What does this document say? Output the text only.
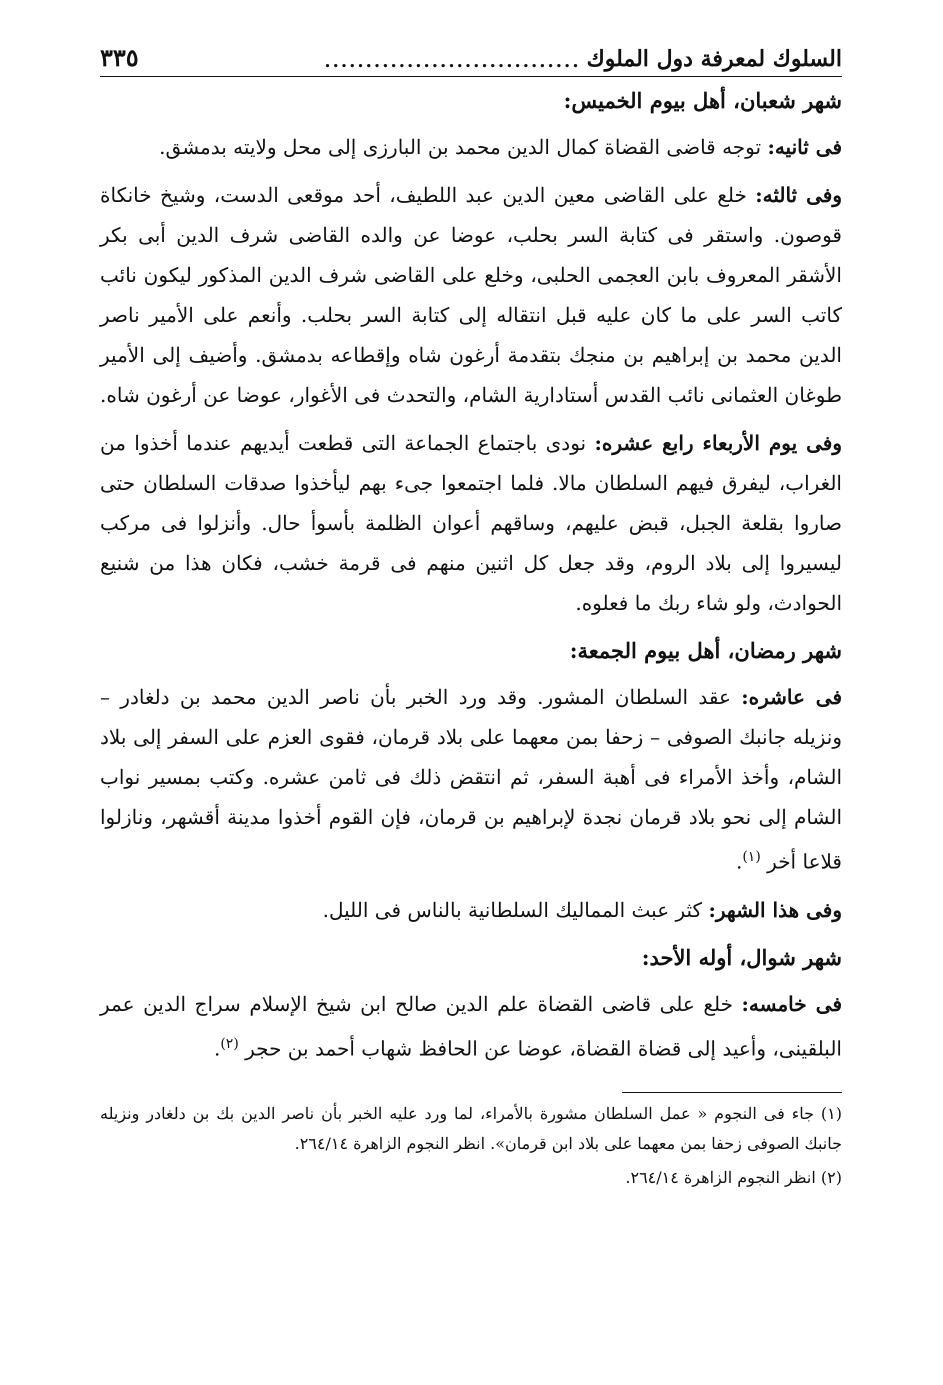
السلوك لمعرفة دول الملوك
...............................
٣٣٥
شهر شعبان، أهل بيوم الخميس:

فى ثانيه: توجه قاضى القضاة كمال الدين محمد بن البارزى إلى محل ولايته بدمشق.

وفى ثالثه: خلع على القاضى معين الدين عبد اللطيف، أحد موقعى الدست، وشيخ خانكاة قوصون. واستقر فى كتابة السر بحلب، عوضا عن والده القاضى شرف الدين أبى بكر الأشقر المعروف بابن العجمى الحلبى، وخلع على القاضى شرف الدين المذكور ليكون نائب كاتب السر على ما كان عليه قبل انتقاله إلى كتابة السر بحلب. وأنعم على الأمير ناصر الدين محمد بن إبراهيم بن منجك بتقدمة أرغون شاه وإقطاعه بدمشق. وأضيف إلى الأمير طوغان العثمانى نائب القدس أستادارية الشام، والتحدث فى الأغوار، عوضا عن أرغون شاه.

وفى يوم الأربعاء رابع عشره: نودى باجتماع الجماعة التى قطعت أيديهم عندما أخذوا من الغراب، ليفرق فيهم السلطان مالا. فلما اجتمعوا جىء بهم ليأخذوا صدقات السلطان حتى صاروا بقلعة الجبل، قبض عليهم، وساقهم أعوان الظلمة بأسوأ حال. وأنزلوا فى مركب ليسيروا إلى بلاد الروم، وقد جعل كل اثنين منهم فى قرمة خشب، فكان هذا من شنيع الحوادث، ولو شاء ربك ما فعلوه.

شهر رمضان، أهل بيوم الجمعة:

فى عاشره: عقد السلطان المشور. وقد ورد الخبر بأن ناصر الدين محمد بن دلغادر – ونزيله جانبك الصوفى – زحفا بمن معهما على بلاد قرمان، فقوى العزم على السفر إلى بلاد الشام، وأخذ الأمراء فى أهبة السفر، ثم انتقض ذلك فى ثامن عشره. وكتب بمسير نواب الشام إلى نحو بلاد قرمان نجدة لإبراهيم بن قرمان، فإن القوم أخذوا مدينة أقشهر، ونازلوا قلاعا أخر $^{(١)}$.

وفى هذا الشهر: كثر عبث المماليك السلطانية بالناس فى الليل.

شهر شوال، أوله الأحد:

فى خامسه: خلع على قاضى القضاة علم الدين صالح ابن شيخ الإسلام سراج الدين عمر البلقينى، وأعيد إلى قضاة القضاة، عوضا عن الحافظ شهاب أحمد بن حجر $^{(٢)}$.

(١) جاء فى النجوم « عمل السلطان مشورة بالأمراء، لما ورد عليه الخبر بأن ناصر الدين بك بن دلغادر ونزيله جانبك الصوفى زحفا بمن معهما على بلاد ابن قرمان». انظر النجوم الزاهرة ٢٦٤/١٤.

(٢) انظر النجوم الزاهرة ٢٦٤/١٤.
